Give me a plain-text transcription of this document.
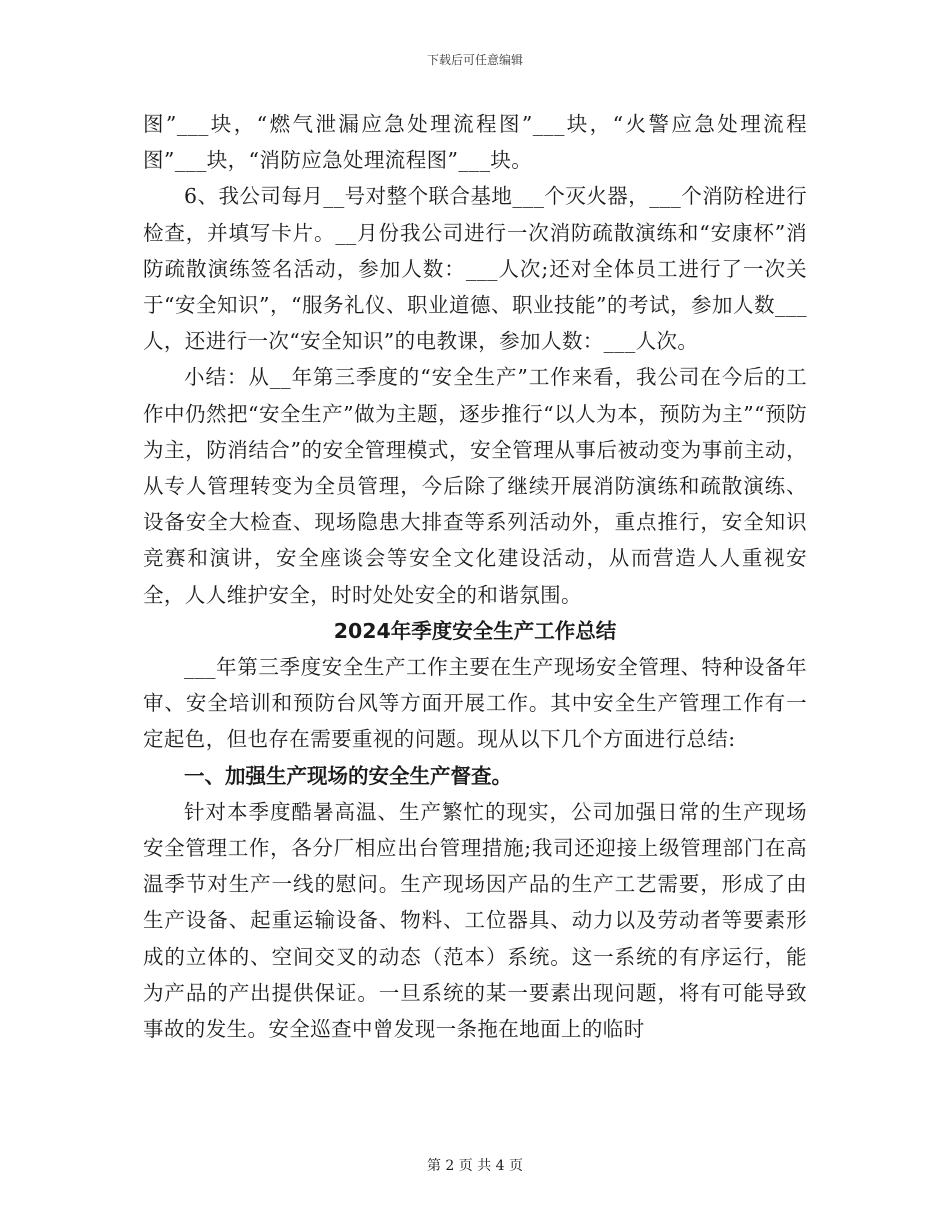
下载后可任意编辑

图”___块，“燃气泄漏应急处理流程图”___块，“火警应急处理流程图”___块，“消防应急处理流程图”___块。

6、我公司每月__号对整个联合基地___个灭火器，___个消防栓进行检查，并填写卡片。__月份我公司进行一次消防疏散演练和“安康杯”消防疏散演练签名活动，参加人数：___人次;还对全体员工进行了一次关于“安全知识”，“服务礼仪、职业道德、职业技能”的考试，参加人数___人，还进行一次“安全知识”的电教课，参加人数：___人次。

小结：从__年第三季度的“安全生产”工作来看，我公司在今后的工作中仍然把“安全生产”做为主题，逐步推行“以人为本，预防为主”“预防为主，防消结合”的安全管理模式，安全管理从事后被动变为事前主动，从专人管理转变为全员管理，今后除了继续开展消防演练和疏散演练、设备安全大检查、现场隐患大排查等系列活动外，重点推行，安全知识竞赛和演讲，安全座谈会等安全文化建设活动，从而营造人人重视安全，人人维护安全，时时处处安全的和谐氛围。

2024年季度安全生产工作总结

___年第三季度安全生产工作主要在生产现场安全管理、特种设备年审、安全培训和预防台风等方面开展工作。其中安全生产管理工作有一定起色，但也存在需要重视的问题。现从以下几个方面进行总结:

一、加强生产现场的安全生产督查。

针对本季度酷暑高温、生产繁忙的现实，公司加强日常的生产现场安全管理工作，各分厂相应出台管理措施;我司还迎接上级管理部门在高温季节对生产一线的慰问。生产现场因产品的生产工艺需要，形成了由生产设备、起重运输设备、物料、工位器具、动力以及劳动者等要素形成的立体的、空间交叉的动态（范本）系统。这一系统的有序运行，能为产品的产出提供保证。一旦系统的某一要素出现问题，将有可能导致事故的发生。安全巡查中曾发现一条拖在地面上的临时

第 2 页 共 4 页
